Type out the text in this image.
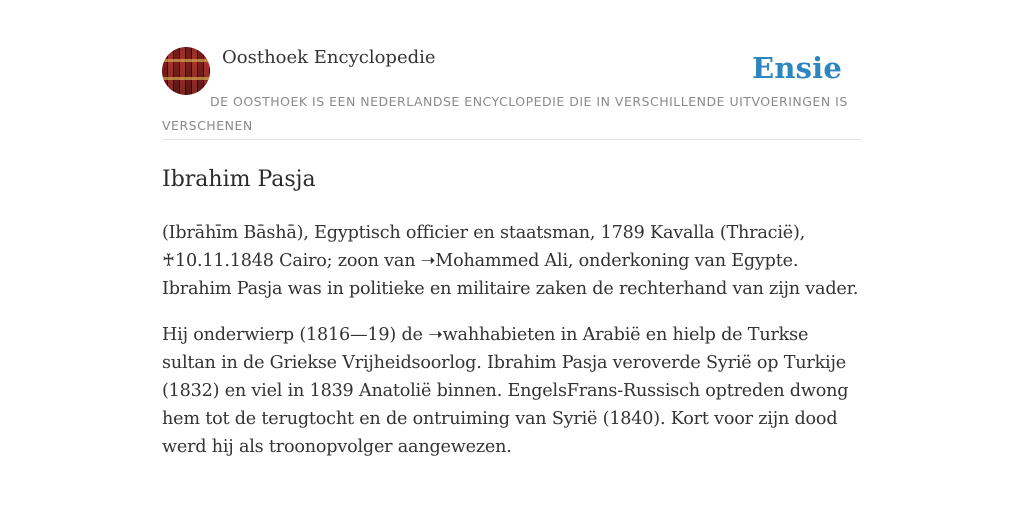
Oosthoek Encyclopedie	Ensie
DE OOSTHOEK IS EEN NEDERLANDSE ENCYCLOPEDIE DIE IN VERSCHILLENDE UITVOERINGEN IS VERSCHENEN
Ibrahim Pasja

(Ibrāhīm Bāshā), Egyptisch officier en staatsman, 1789 Kavalla (Thracië), ♰10.11.1848 Cairo; zoon van ➝Mohammed Ali, onderkoning van Egypte. Ibrahim Pasja was in politieke en militaire zaken de rechterhand van zijn vader.

Hij onderwierp (1816—19) de ➝wahhabieten in Arabië en hielp de Turkse sultan in de Griekse Vrijheidsoorlog. Ibrahim Pasja veroverde Syrië op Turkije (1832) en viel in 1839 Anatolië binnen. EngelsFrans-Russisch optreden dwong hem tot de terugtocht en de ontruiming van Syrië (1840). Kort voor zijn dood werd hij als troonopvolger aangewezen.
